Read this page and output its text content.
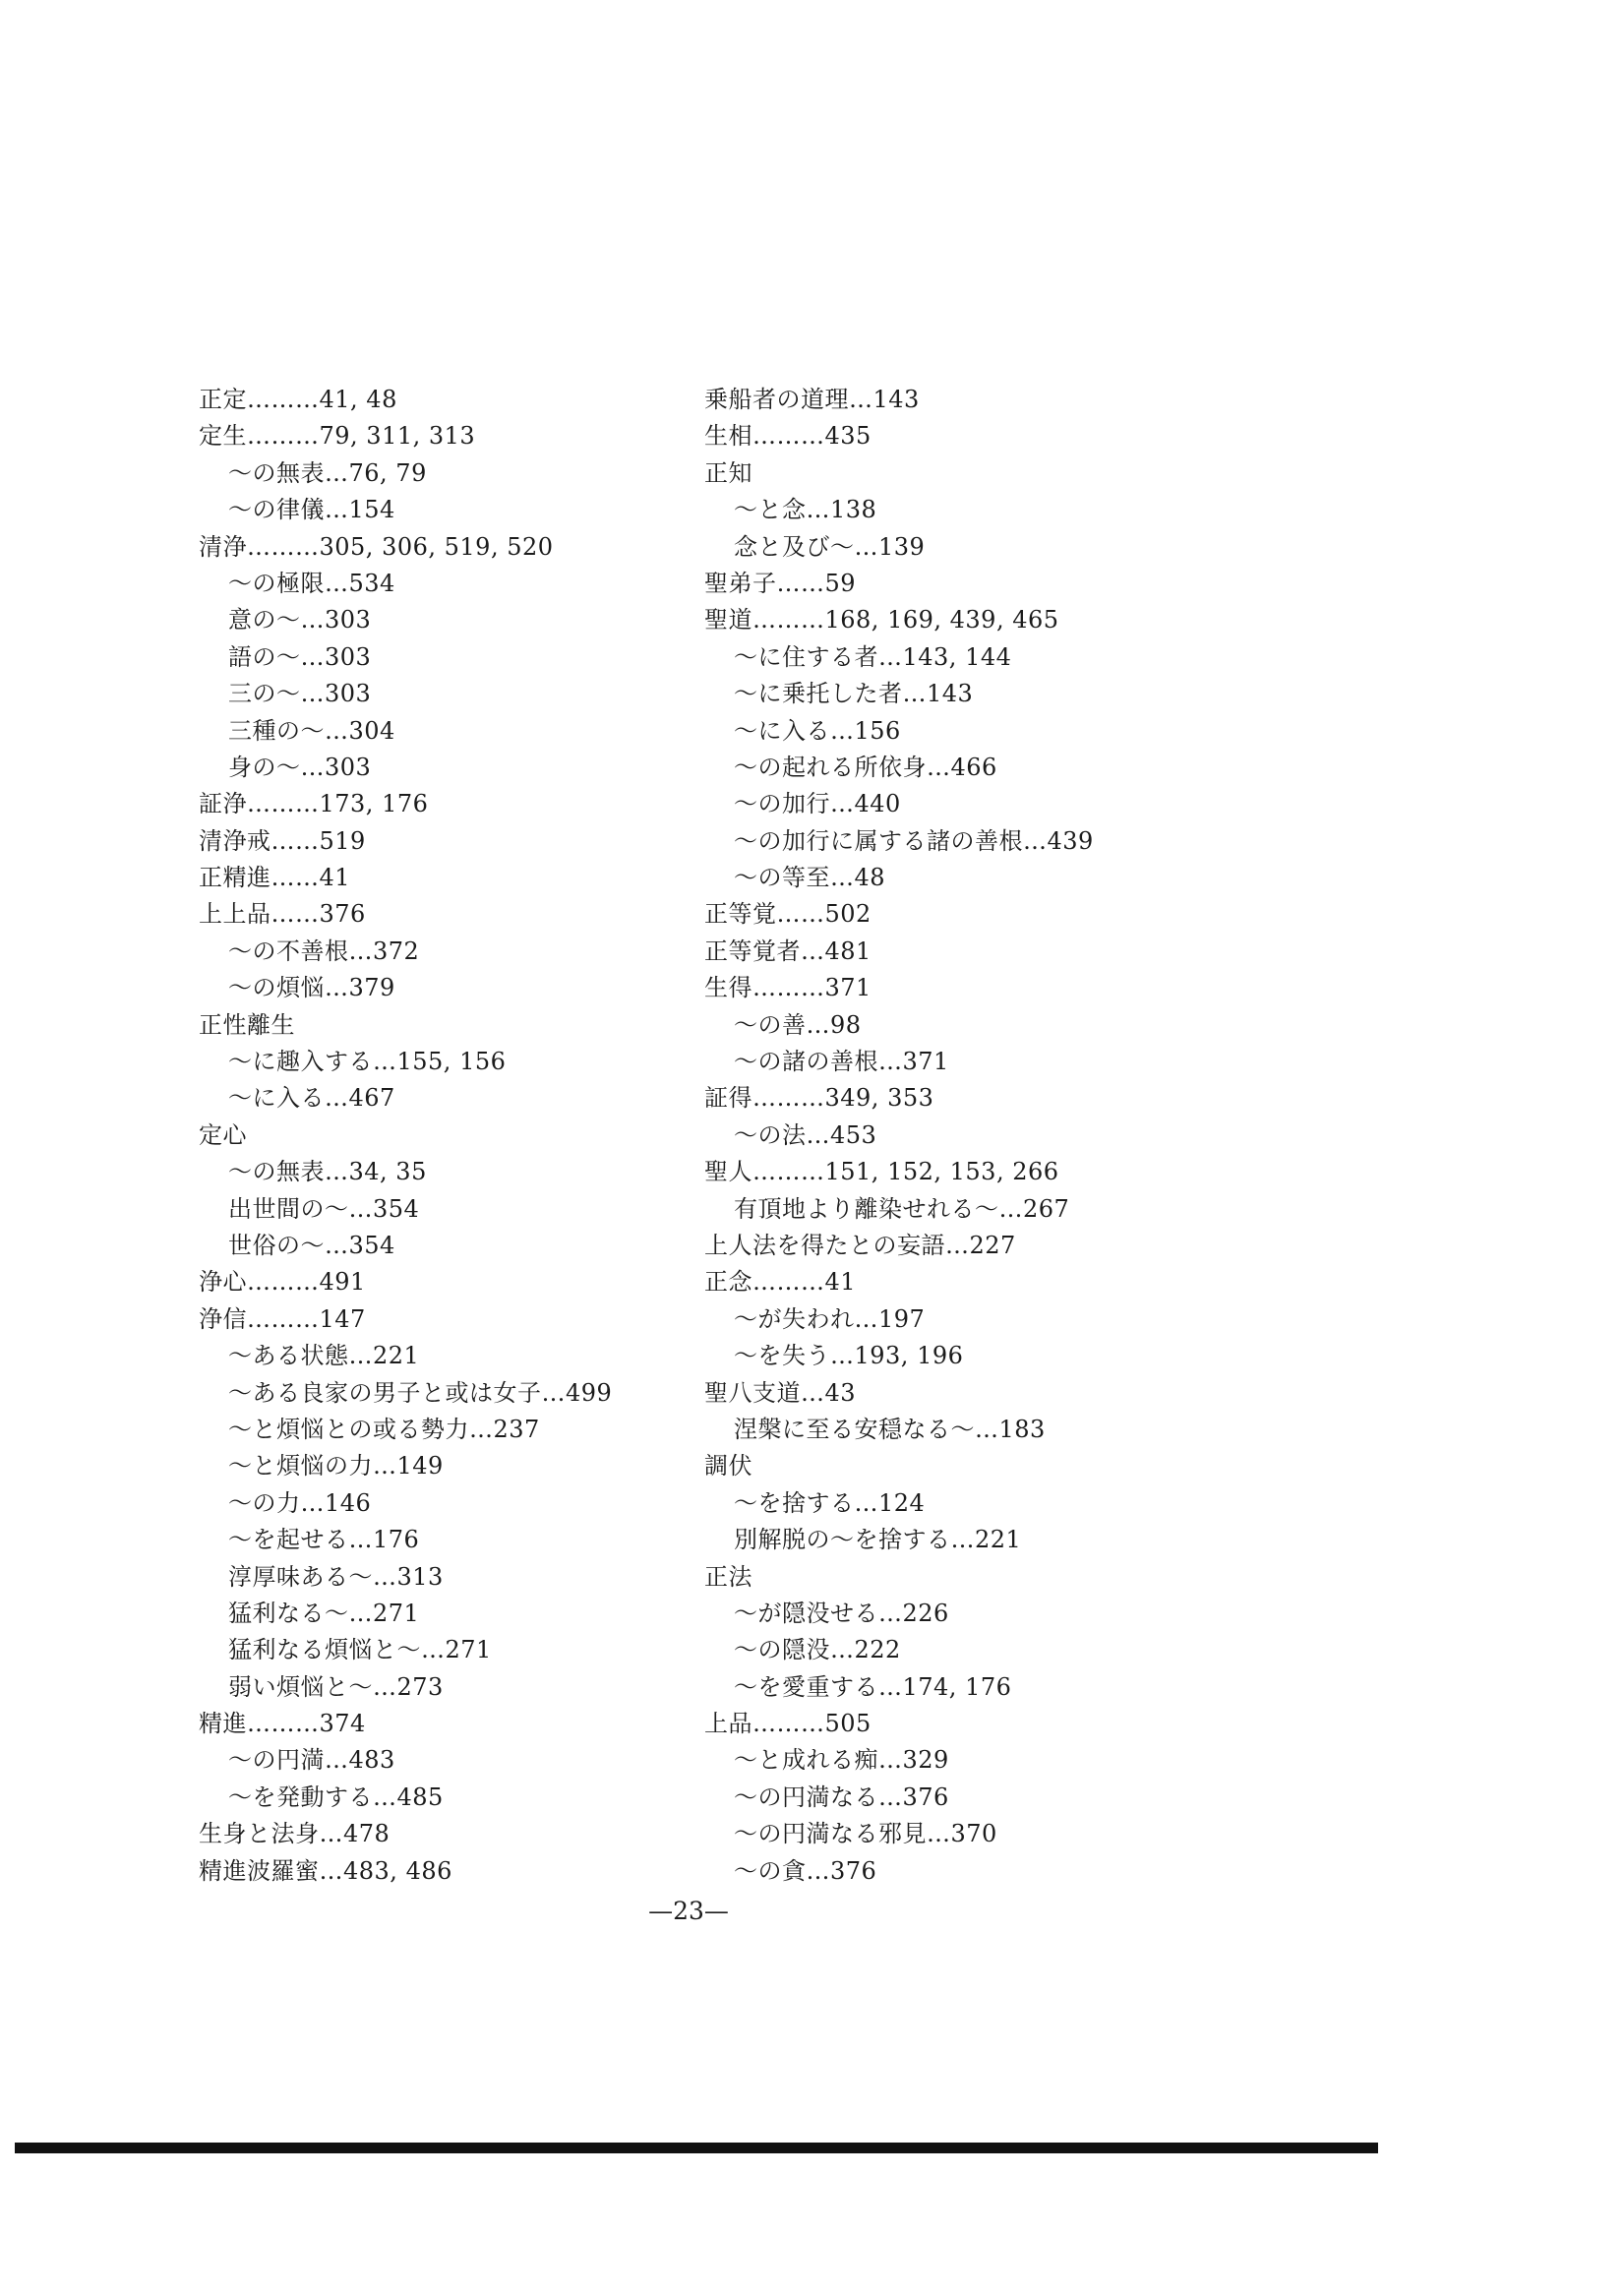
正定………41, 48
定生………79, 311, 313
〜の無表…76, 79
〜の律儀…154
清浄………305, 306, 519, 520
〜の極限…534
意の〜…303
語の〜…303
三の〜…303
三種の〜…304
身の〜…303
証浄………173, 176
清浄戒……519
正精進……41
上上品……376
〜の不善根…372
〜の煩悩…379
正性離生
〜に趣入する…155, 156
〜に入る…467
定心
〜の無表…34, 35
出世間の〜…354
世俗の〜…354
浄心………491
浄信………147
〜ある状態…221
〜ある良家の男子と或は女子…499
〜と煩悩との或る勢力…237
〜と煩悩の力…149
〜の力…146
〜を起せる…176
淳厚味ある〜…313
猛利なる〜…271
猛利なる煩悩と〜…271
弱い煩悩と〜…273
精進………374
〜の円満…483
〜を発動する…485
生身と法身…478
精進波羅蜜…483, 486
乗船者の道理…143
生相………435
正知
〜と念…138
念と及び〜…139
聖弟子……59
聖道………168, 169, 439, 465
〜に住する者…143, 144
〜に乗托した者…143
〜に入る…156
〜の起れる所依身…466
〜の加行…440
〜の加行に属する諸の善根…439
〜の等至…48
正等覚……502
正等覚者…481
生得………371
〜の善…98
〜の諸の善根…371
証得………349, 353
〜の法…453
聖人………151, 152, 153, 266
有頂地より離染せれる〜…267
上人法を得たとの妄語…227
正念………41
〜が失われ…197
〜を失う…193, 196
聖八支道…43
涅槃に至る安穏なる〜…183
調伏
〜を捨する…124
別解脱の〜を捨する…221
正法
〜が隠没せる…226
〜の隠没…222
〜を愛重する…174, 176
上品………505
〜と成れる痴…329
〜の円満なる…376
〜の円満なる邪見…370
〜の貪…376
—23—
